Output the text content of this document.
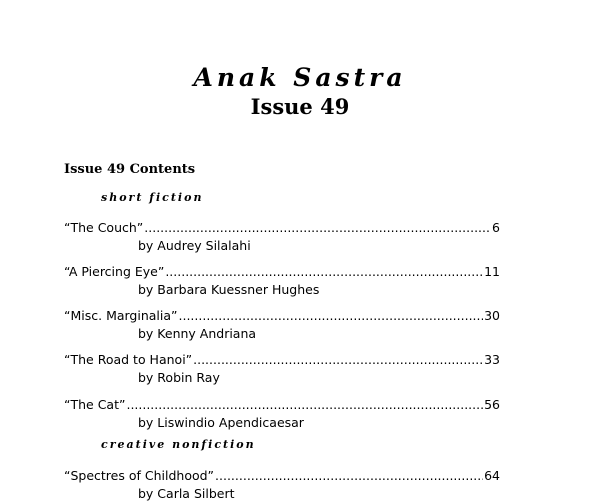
Anak Sastra
Issue 49
Issue 49 Contents
short fiction
“The Couch” .....	6
by Audrey Silalahi
“A Piercing Eye” .....	11
by Barbara Kuessner Hughes
“Misc. Marginalia” .....	30
by Kenny Andriana
“The Road to Hanoi” .....	33
by Robin Ray
“The Cat” .....	56
by Liswindio Apendicaesar
creative nonfiction
“Spectres of Childhood” .....	64
by Carla Silbert
